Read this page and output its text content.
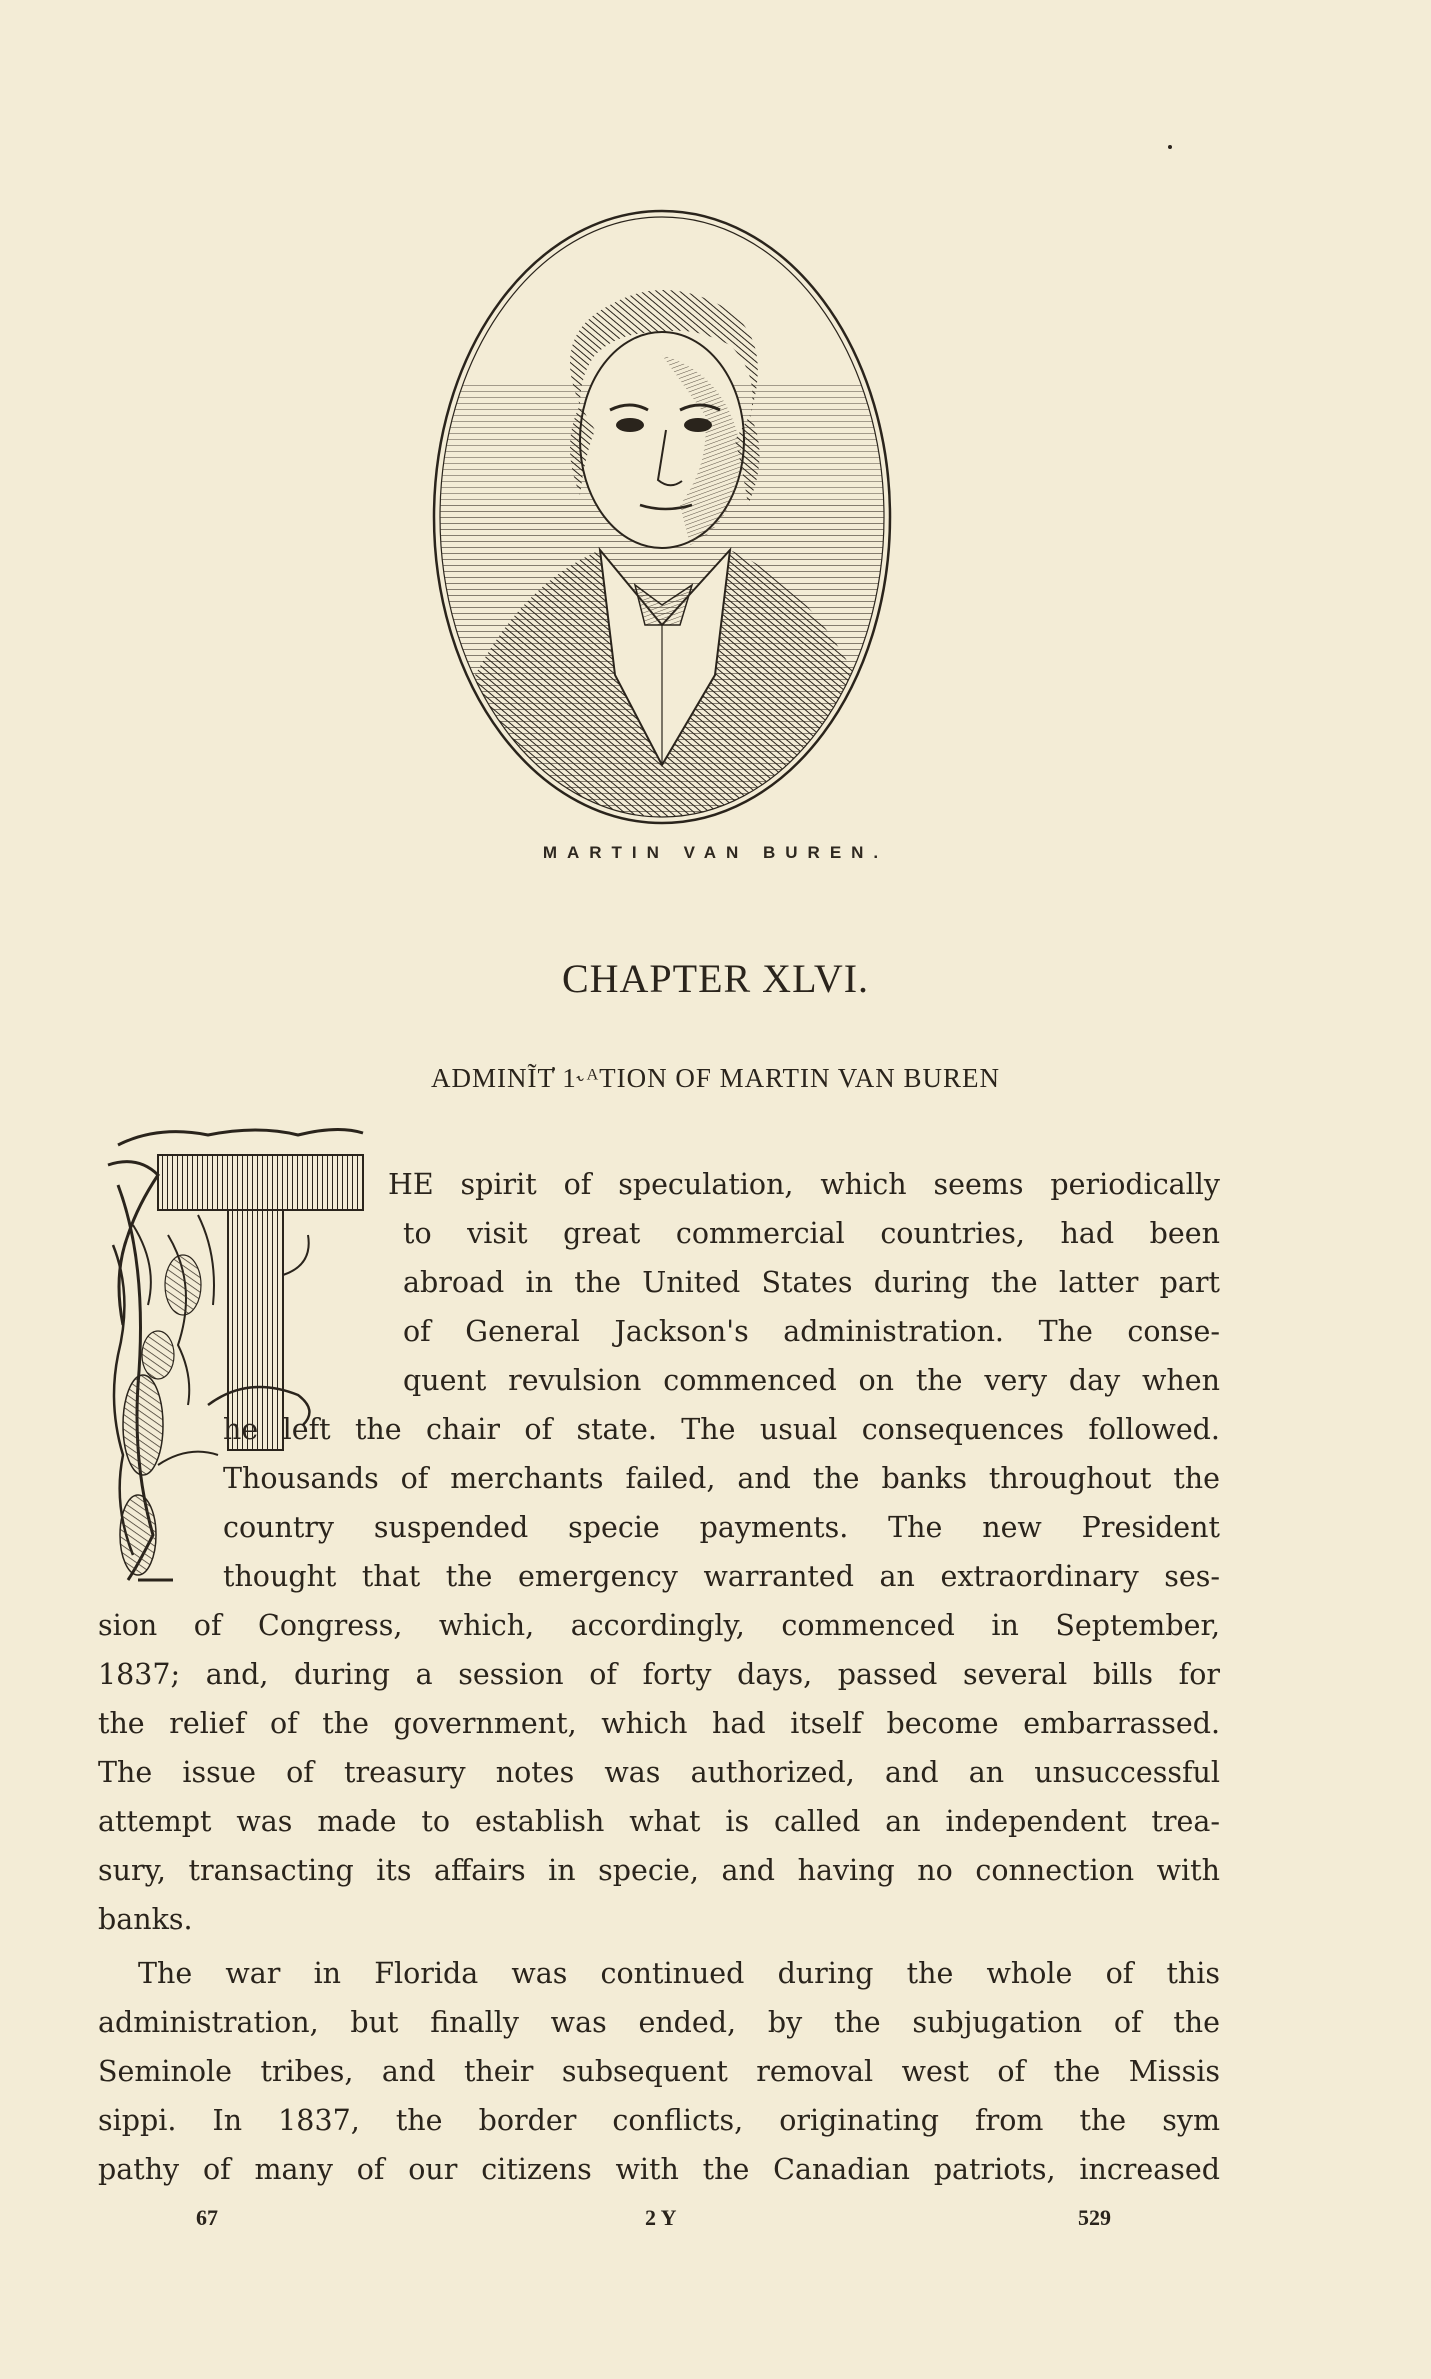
MARTIN VAN BUREN.
CHAPTER XLVI.
ADMINĨT̓ 1˞ᴬTION OF MARTIN VAN BUREN
T
HE spirit of speculation, which seems periodically
to visit great commercial countries, had been
abroad in the United States during the latter part
of General Jackson's administration. The conse-
quent revulsion commenced on the very day when
he left the chair of state. The usual consequences followed.
Thousands of merchants failed, and the banks throughout the
country suspended specie payments. The new President
thought that the emergency warranted an extraordinary ses-
sion of Congress, which, accordingly, commenced in September,
1837; and, during a session of forty days, passed several bills for
the relief of the government, which had itself become embarrassed.
The issue of treasury notes was authorized, and an unsuccessful
attempt was made to establish what is called an independent trea-
sury, transacting its affairs in specie, and having no connection with
banks.
The war in Florida was continued during the whole of this
administration, but finally was ended, by the subjugation of the
Seminole tribes, and their subsequent removal west of the Missis
sippi. In 1837, the border conflicts, originating from the sym
pathy of many of our citizens with the Canadian patriots, increased
67	2 Y	529
